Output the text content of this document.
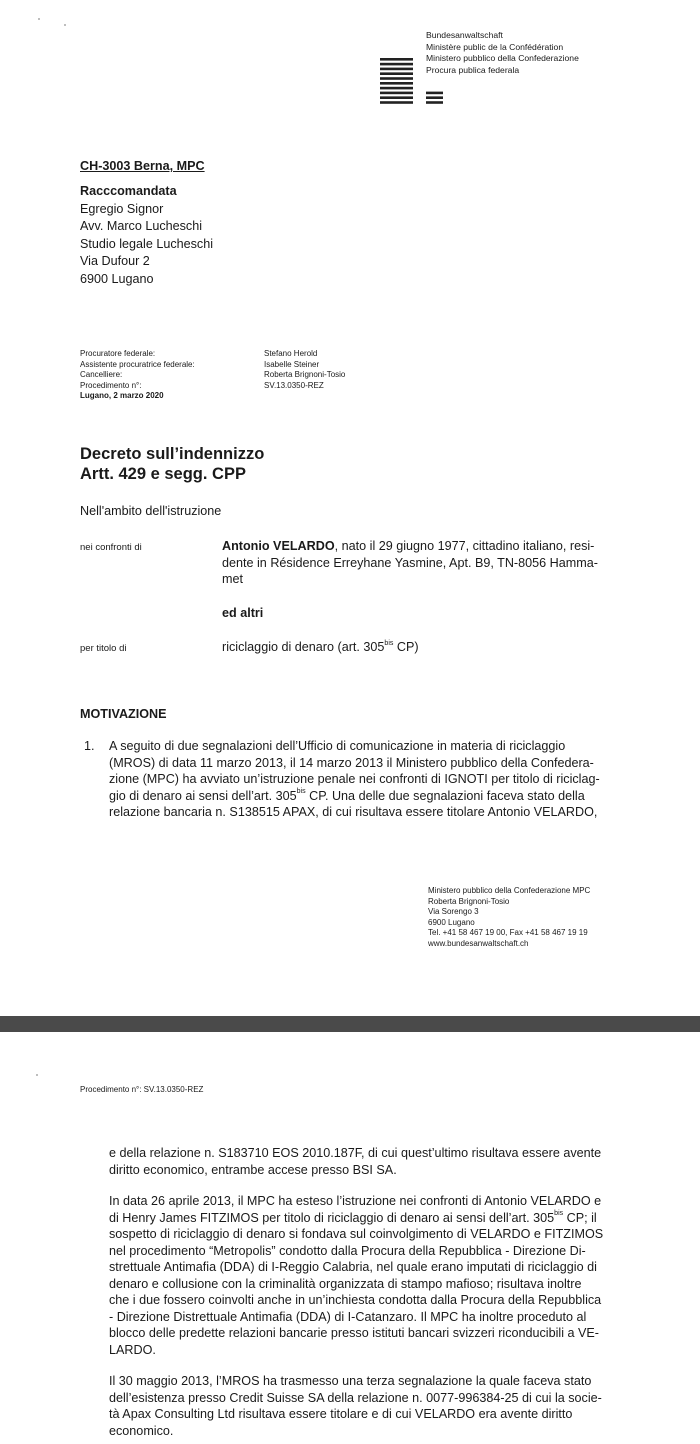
Bundesanwaltschaft
Ministère public de la Confédération
Ministero pubblico della Confederazione
Procura publica federala
CH-3003 Berna, MPC
Racccomandata
Egregio Signor
Avv. Marco Lucheschi
Studio legale Lucheschi
Via Dufour 2
6900 Lugano
Procuratore federale:
Assistente procuratrice federale:
Cancelliere:
Procedimento n°:
Lugano, 2 marzo 2020
Stefano Herold
Isabelle Steiner
Roberta Brignoni-Tosio
SV.13.0350-REZ
Decreto sull’indennizzo
Artt. 429 e segg. CPP
Nell'ambito dell'istruzione
nei confronti di	Antonio VELARDO, nato il 29 giugno 1977, cittadino italiano, resi-
dente in Résidence Erreyhane Yasmine, Apt. B9, TN-8056 Hamma-
met
ed altri
per titolo di	riciclaggio di denaro (art. $305^{bis}$ CP)
MOTIVAZIONE
1. A seguito di due segnalazioni dell’Ufficio di comunicazione in materia di riciclaggio
(MROS) di data 11 marzo 2013, il 14 marzo 2013 il Ministero pubblico della Confedera-
zione (MPC) ha avviato un’istruzione penale nei confronti di IGNOTI per titolo di riciclag-
gio di denaro ai sensi dell’art. $305^{bis}$ CP. Una delle due segnalazioni faceva stato della
relazione bancaria n. S138515 APAX, di cui risultava essere titolare Antonio VELARDO,
Ministero pubblico della Confederazione MPC
Roberta Brignoni-Tosio
Via Sorengo 3
6900 Lugano
Tel. +41 58 467 19 00, Fax +41 58 467 19 19
www.bundesanwaltschaft.ch
Procedimento n°: SV.13.0350-REZ
e della relazione n. S183710 EOS 2010.187F, di cui quest’ultimo risultava essere avente
diritto economico, entrambe accese presso BSI SA.
In data 26 aprile 2013, il MPC ha esteso l’istruzione nei confronti di Antonio VELARDO e
di Henry James FITZIMOS per titolo di riciclaggio di denaro ai sensi dell’art. $305^{bis}$ CP; il
sospetto di riciclaggio di denaro si fondava sul coinvolgimento di VELARDO e FITZIMOS
nel procedimento “Metropolis” condotto dalla Procura della Repubblica - Direzione Di-
strettuale Antimafia (DDA) di I-Reggio Calabria, nel quale erano imputati di riciclaggio di
denaro e collusione con la criminalità organizzata di stampo mafioso; risultava inoltre
che i due fossero coinvolti anche in un’inchiesta condotta dalla Procura della Repubblica
- Direzione Distrettuale Antimafia (DDA) di I-Catanzaro. Il MPC ha inoltre proceduto al
blocco delle predette relazioni bancarie presso istituti bancari svizzeri riconducibili a VE-
LARDO.
Il 30 maggio 2013, l’MROS ha trasmesso una terza segnalazione la quale faceva stato
dell’esistenza presso Credit Suisse SA della relazione n. 0077-996384-25 di cui la socie-
tà Apax Consulting Ltd risultava essere titolare e di cui VELARDO era avente diritto
economico.
